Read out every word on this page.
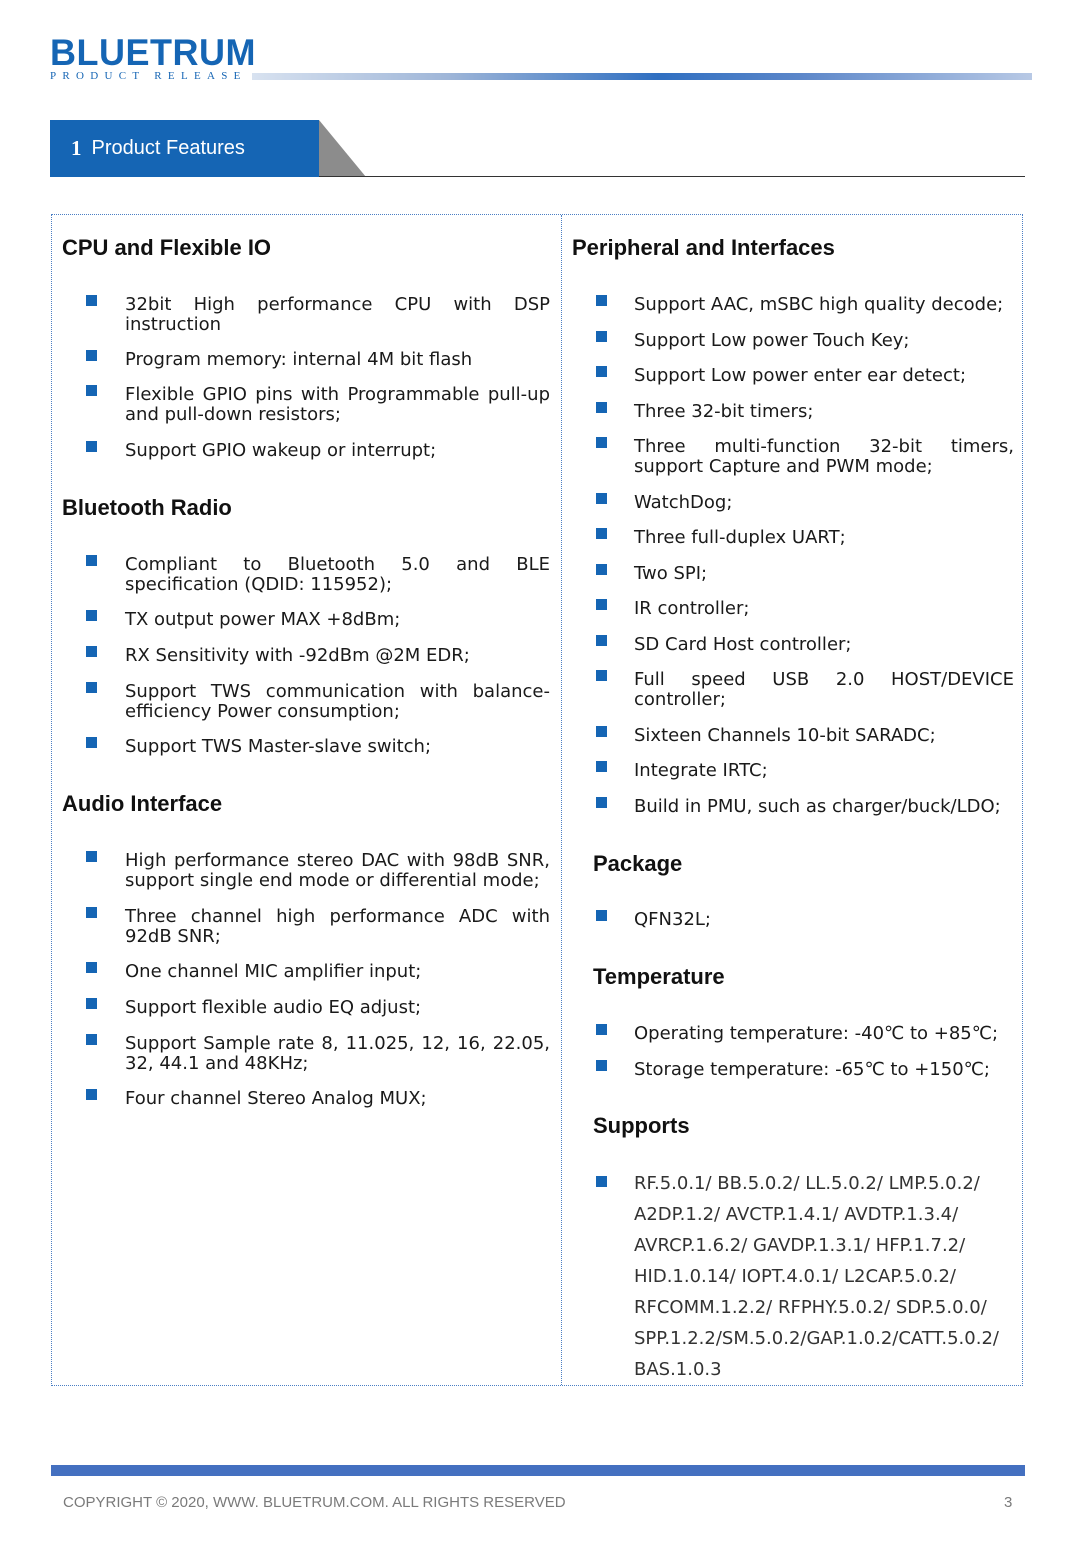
BLUETRUM
PRODUCT RELEASE
1 Product Features
CPU and Flexible IO
32bit High performance CPU with DSP instruction
Program memory: internal 4M bit flash
Flexible GPIO pins with Programmable pull-up and pull-down resistors;
Support GPIO wakeup or interrupt;
Bluetooth Radio
Compliant to Bluetooth 5.0 and BLE specification (QDID: 115952);
TX output power MAX +8dBm;
RX Sensitivity with -92dBm @2M EDR;
Support TWS communication with balance-efficiency Power consumption;
Support TWS Master-slave switch;
Audio Interface
High performance stereo DAC with 98dB SNR, support single end mode or differential mode;
Three channel high performance ADC with 92dB SNR;
One channel MIC amplifier input;
Support flexible audio EQ adjust;
Support Sample rate 8, 11.025, 12, 16, 22.05, 32, 44.1 and 48KHz;
Four channel Stereo Analog MUX;
Peripheral and Interfaces
Support AAC, mSBC high quality decode;
Support Low power Touch Key;
Support Low power enter ear detect;
Three 32-bit timers;
Three multi-function 32-bit timers, support Capture and PWM mode;
WatchDog;
Three full-duplex UART;
Two SPI;
IR controller;
SD Card Host controller;
Full speed USB 2.0 HOST/DEVICE controller;
Sixteen Channels 10-bit SARADC;
Integrate IRTC;
Build in PMU, such as charger/buck/LDO;
Package
QFN32L;
Temperature
Operating temperature: -40℃ to +85℃;
Storage temperature: -65℃ to +150℃;
Supports
RF.5.0.1/ BB.5.0.2/ LL.5.0.2/ LMP.5.0.2/
A2DP.1.2/ AVCTP.1.4.1/ AVDTP.1.3.4/
AVRCP.1.6.2/ GAVDP.1.3.1/ HFP.1.7.2/
HID.1.0.14/ IOPT.4.0.1/ L2CAP.5.0.2/
RFCOMM.1.2.2/ RFPHY.5.0.2/ SDP.5.0.0/
SPP.1.2.2/SM.5.0.2/GAP.1.0.2/CATT.5.0.2/
BAS.1.0.3
COPYRIGHT © 2020, WWW. BLUETRUM.COM. ALL RIGHTS RESERVED	3
